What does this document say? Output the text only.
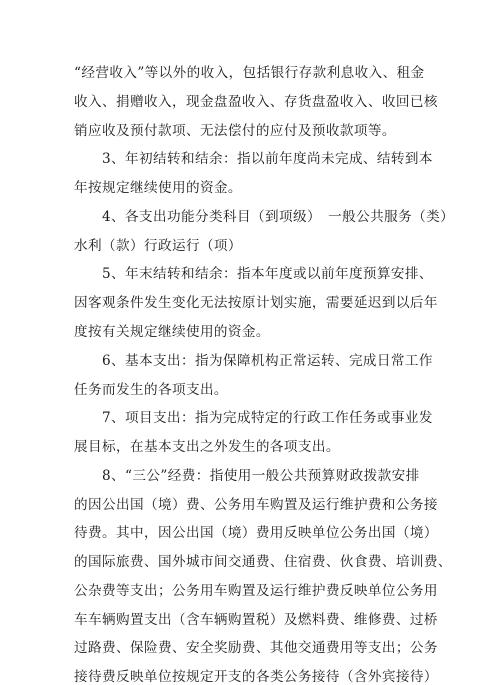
“经营收入”等以外的收入，包括银行存款利息收入、租金
收入、捐赠收入，现金盘盈收入、存货盘盈收入、收回已核
销应收及预付款项、无法偿付的应付及预收款项等。
3、年初结转和结余：指以前年度尚未完成、结转到本
年按规定继续使用的资金。
4、各支出功能分类科目（到项级）　一般公共服务（类）
水利（款）行政运行（项）
5、年末结转和结余：指本年度或以前年度预算安排、
因客观条件发生变化无法按原计划实施，需要延迟到以后年
度按有关规定继续使用的资金。
6、基本支出：指为保障机构正常运转、完成日常工作
任务而发生的各项支出。
7、项目支出：指为完成特定的行政工作任务或事业发
展目标，在基本支出之外发生的各项支出。
8、“三公”经费：指使用一般公共预算财政拨款安排
的因公出国（境）费、公务用车购置及运行维护费和公务接
待费。其中，因公出国（境）费用反映单位公务出国（境）
的国际旅费、国外城市间交通费、住宿费、伙食费、培训费、
公杂费等支出；公务用车购置及运行维护费反映单位公务用
车车辆购置支出（含车辆购置税）及燃料费、维修费、过桥
过路费、保险费、安全奖励费、其他交通费用等支出；公务
接待费反映单位按规定开支的各类公务接待（含外宾接待）
